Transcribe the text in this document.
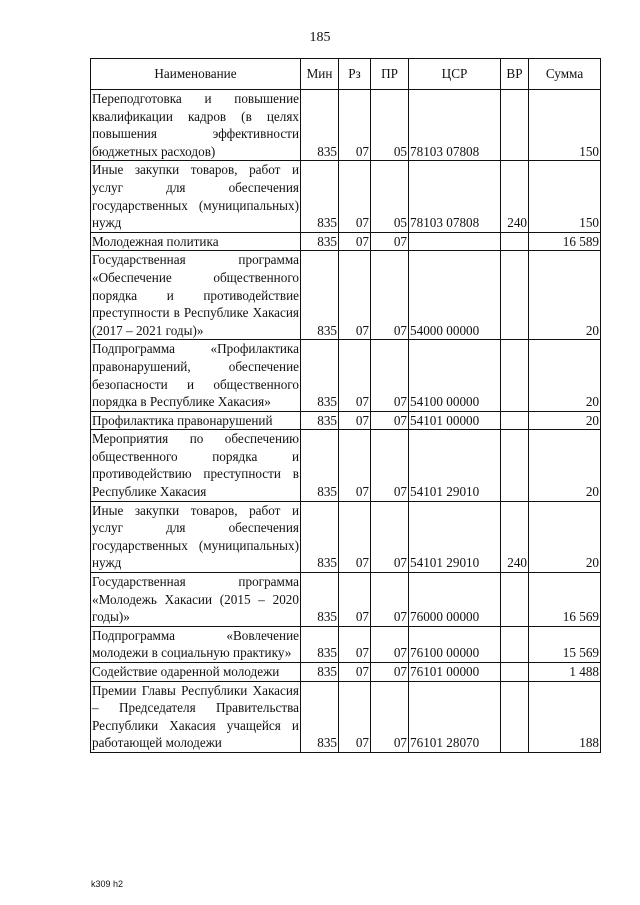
185
Наименование	Мин	Рз	ПР	ЦСР	ВР	Сумма
Переподготовка и повышение квалификации кадров (в целях повышения эффективности бюджетных расходов)	835	07	05	78103 07808		150
Иные закупки товаров, работ и услуг для обеспечения государственных (муниципальных) нужд	835	07	05	78103 07808	240	150
Молодежная политика	835	07	07			16 589
Государственная программа «Обеспечение общественного порядка и противодействие преступности в Республике Хакасия (2017 – 2021 годы)»	835	07	07	54000 00000		20
Подпрограмма «Профилактика правонарушений, обеспечение безопасности и общественного порядка в Республике Хакасия»	835	07	07	54100 00000		20
Профилактика правонарушений	835	07	07	54101 00000		20
Мероприятия по обеспечению общественного порядка и противодействию преступности в Республике Хакасия	835	07	07	54101 29010		20
Иные закупки товаров, работ и услуг для обеспечения государственных (муниципальных) нужд	835	07	07	54101 29010	240	20
Государственная программа «Молодежь Хакасии (2015 – 2020 годы)»	835	07	07	76000 00000		16 569
Подпрограмма «Вовлечение молодежи в социальную практику»	835	07	07	76100 00000		15 569
Содействие одаренной молодежи	835	07	07	76101 00000		1 488
Премии Главы Республики Хакасия – Председателя Правительства Республики Хакасия учащейся и работающей молодежи	835	07	07	76101 28070		188
k309 h2
